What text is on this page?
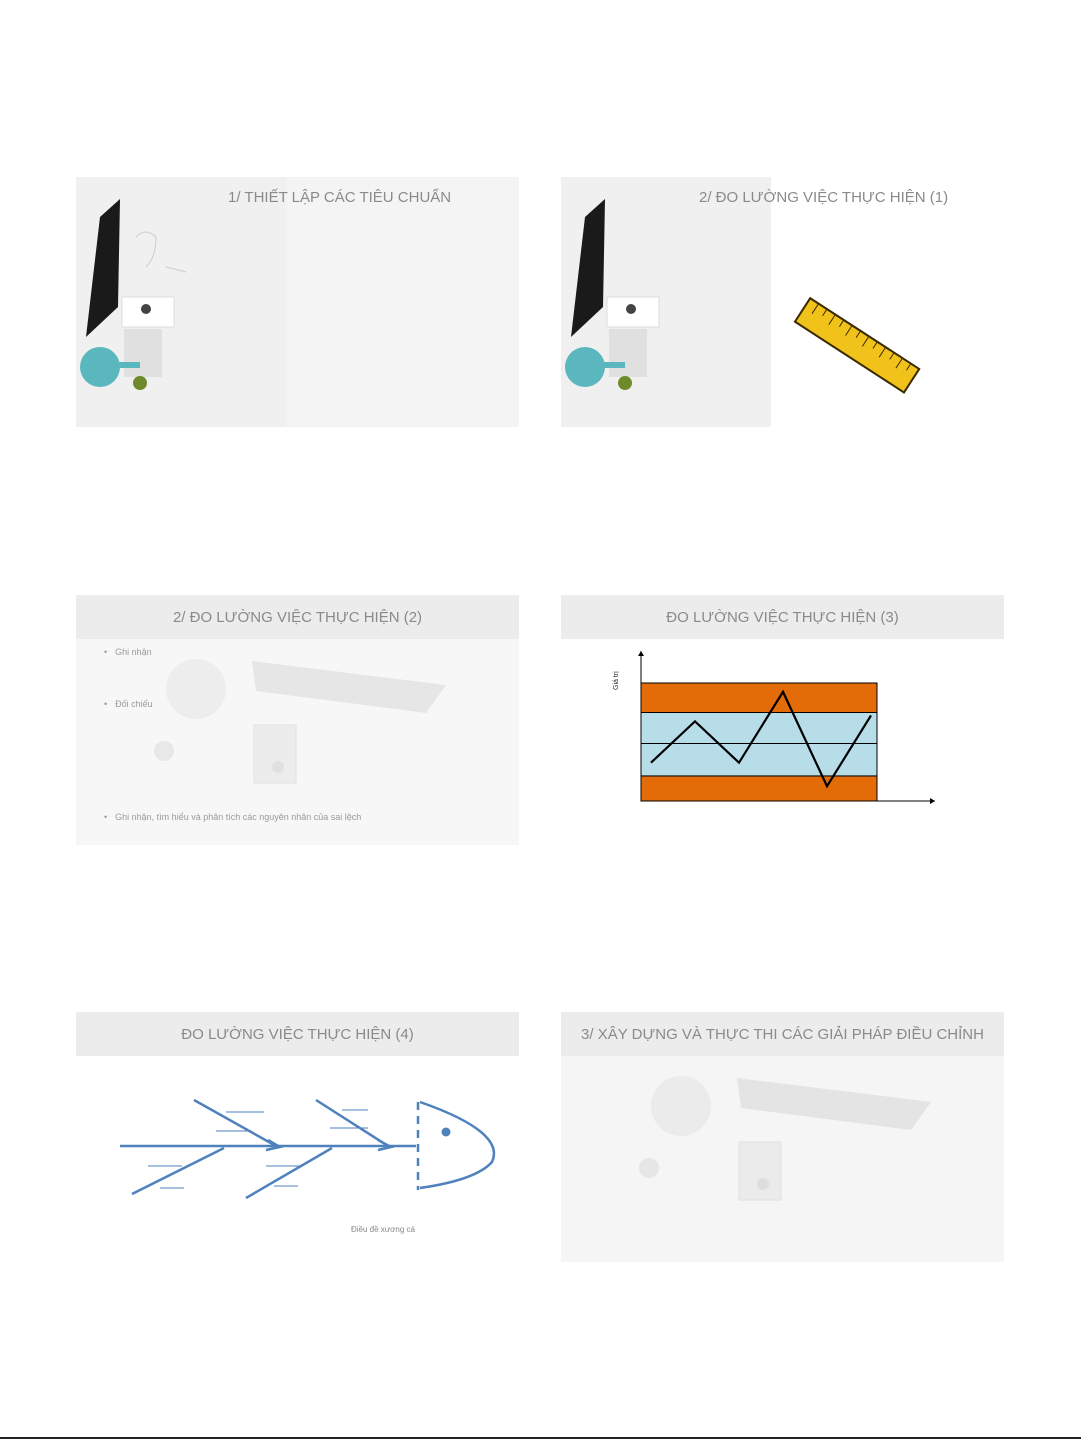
1/ THIẾT LẬP CÁC TIÊU CHUẨN	2/ ĐO LƯỜNG VIỆC THỰC HIỆN (1)
2/ ĐO LƯỜNG VIỆC THỰC HIỆN (2)
• Ghi nhận
• Đối chiếu
• Ghi nhận, tìm hiểu và phân tích các nguyên nhân của sai lệch
ĐO LƯỜNG VIỆC THỰC HIỆN (3)
Giá trị
ĐO LƯỜNG VIỆC THỰC HIỆN (4)
Điều đề xương cá
3/ XÂY DỰNG VÀ THỰC THI CÁC GIẢI PHÁP ĐIỀU CHỈNH
